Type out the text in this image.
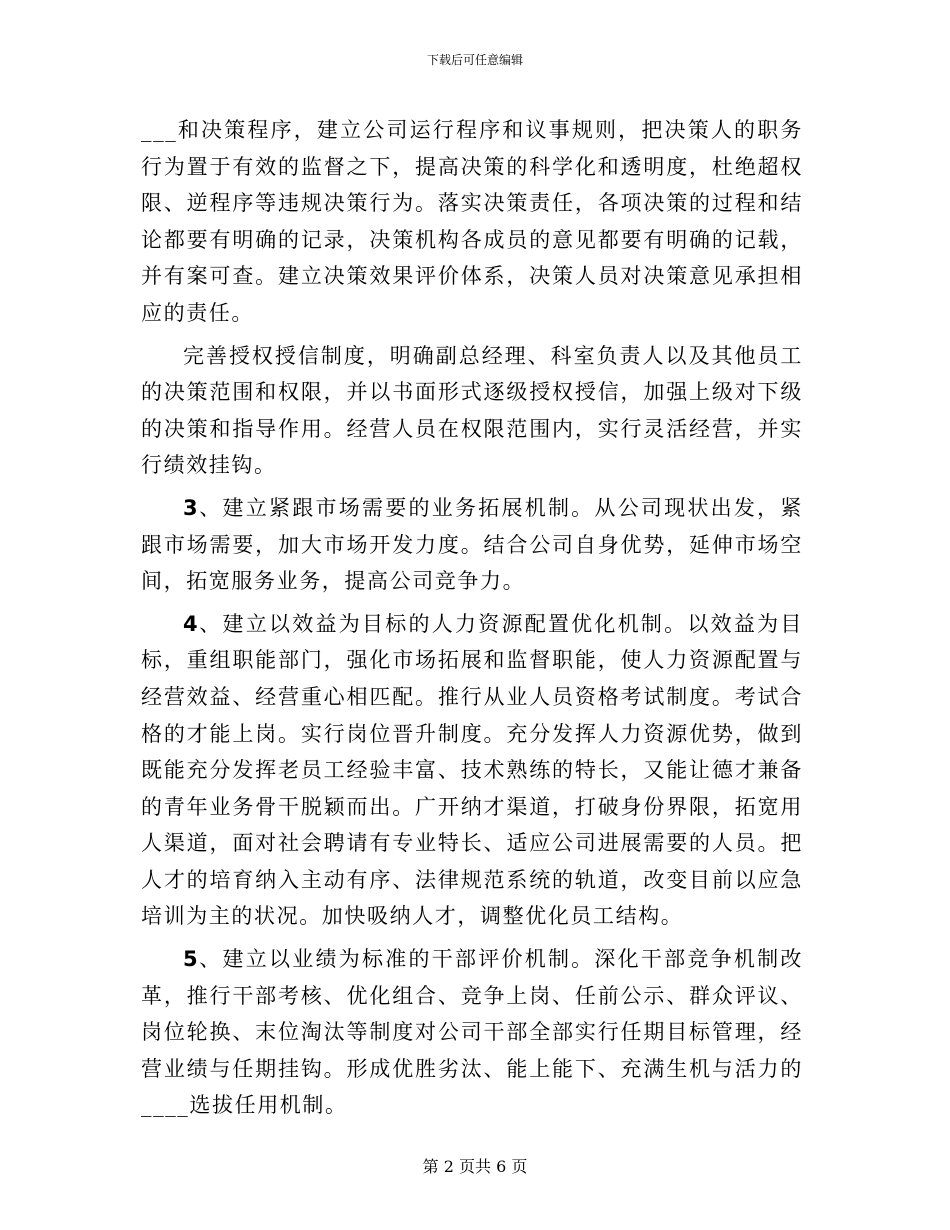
下载后可任意编辑

___和决策程序，建立公司运行程序和议事规则，把决策人的职务行为置于有效的监督之下，提高决策的科学化和透明度，杜绝超权限、逆程序等违规决策行为。落实决策责任，各项决策的过程和结论都要有明确的记录，决策机构各成员的意见都要有明确的记载，并有案可查。建立决策效果评价体系，决策人员对决策意见承担相应的责任。

完善授权授信制度，明确副总经理、科室负责人以及其他员工的决策范围和权限，并以书面形式逐级授权授信，加强上级对下级的决策和指导作用。经营人员在权限范围内，实行灵活经营，并实行绩效挂钩。

3、建立紧跟市场需要的业务拓展机制。从公司现状出发，紧跟市场需要，加大市场开发力度。结合公司自身优势，延伸市场空间，拓宽服务业务，提高公司竞争力。

4、建立以效益为目标的人力资源配置优化机制。以效益为目标，重组职能部门，强化市场拓展和监督职能，使人力资源配置与经营效益、经营重心相匹配。推行从业人员资格考试制度。考试合格的才能上岗。实行岗位晋升制度。充分发挥人力资源优势，做到既能充分发挥老员工经验丰富、技术熟练的特长，又能让德才兼备的青年业务骨干脱颖而出。广开纳才渠道，打破身份界限，拓宽用人渠道，面对社会聘请有专业特长、适应公司进展需要的人员。把人才的培育纳入主动有序、法律规范系统的轨道，改变目前以应急培训为主的状况。加快吸纳人才，调整优化员工结构。

5、建立以业绩为标准的干部评价机制。深化干部竞争机制改革，推行干部考核、优化组合、竞争上岗、任前公示、群众评议、岗位轮换、末位淘汰等制度对公司干部全部实行任期目标管理，经营业绩与任期挂钩。形成优胜劣汰、能上能下、充满生机与活力的____选拔任用机制。

第 2 页共 6 页
